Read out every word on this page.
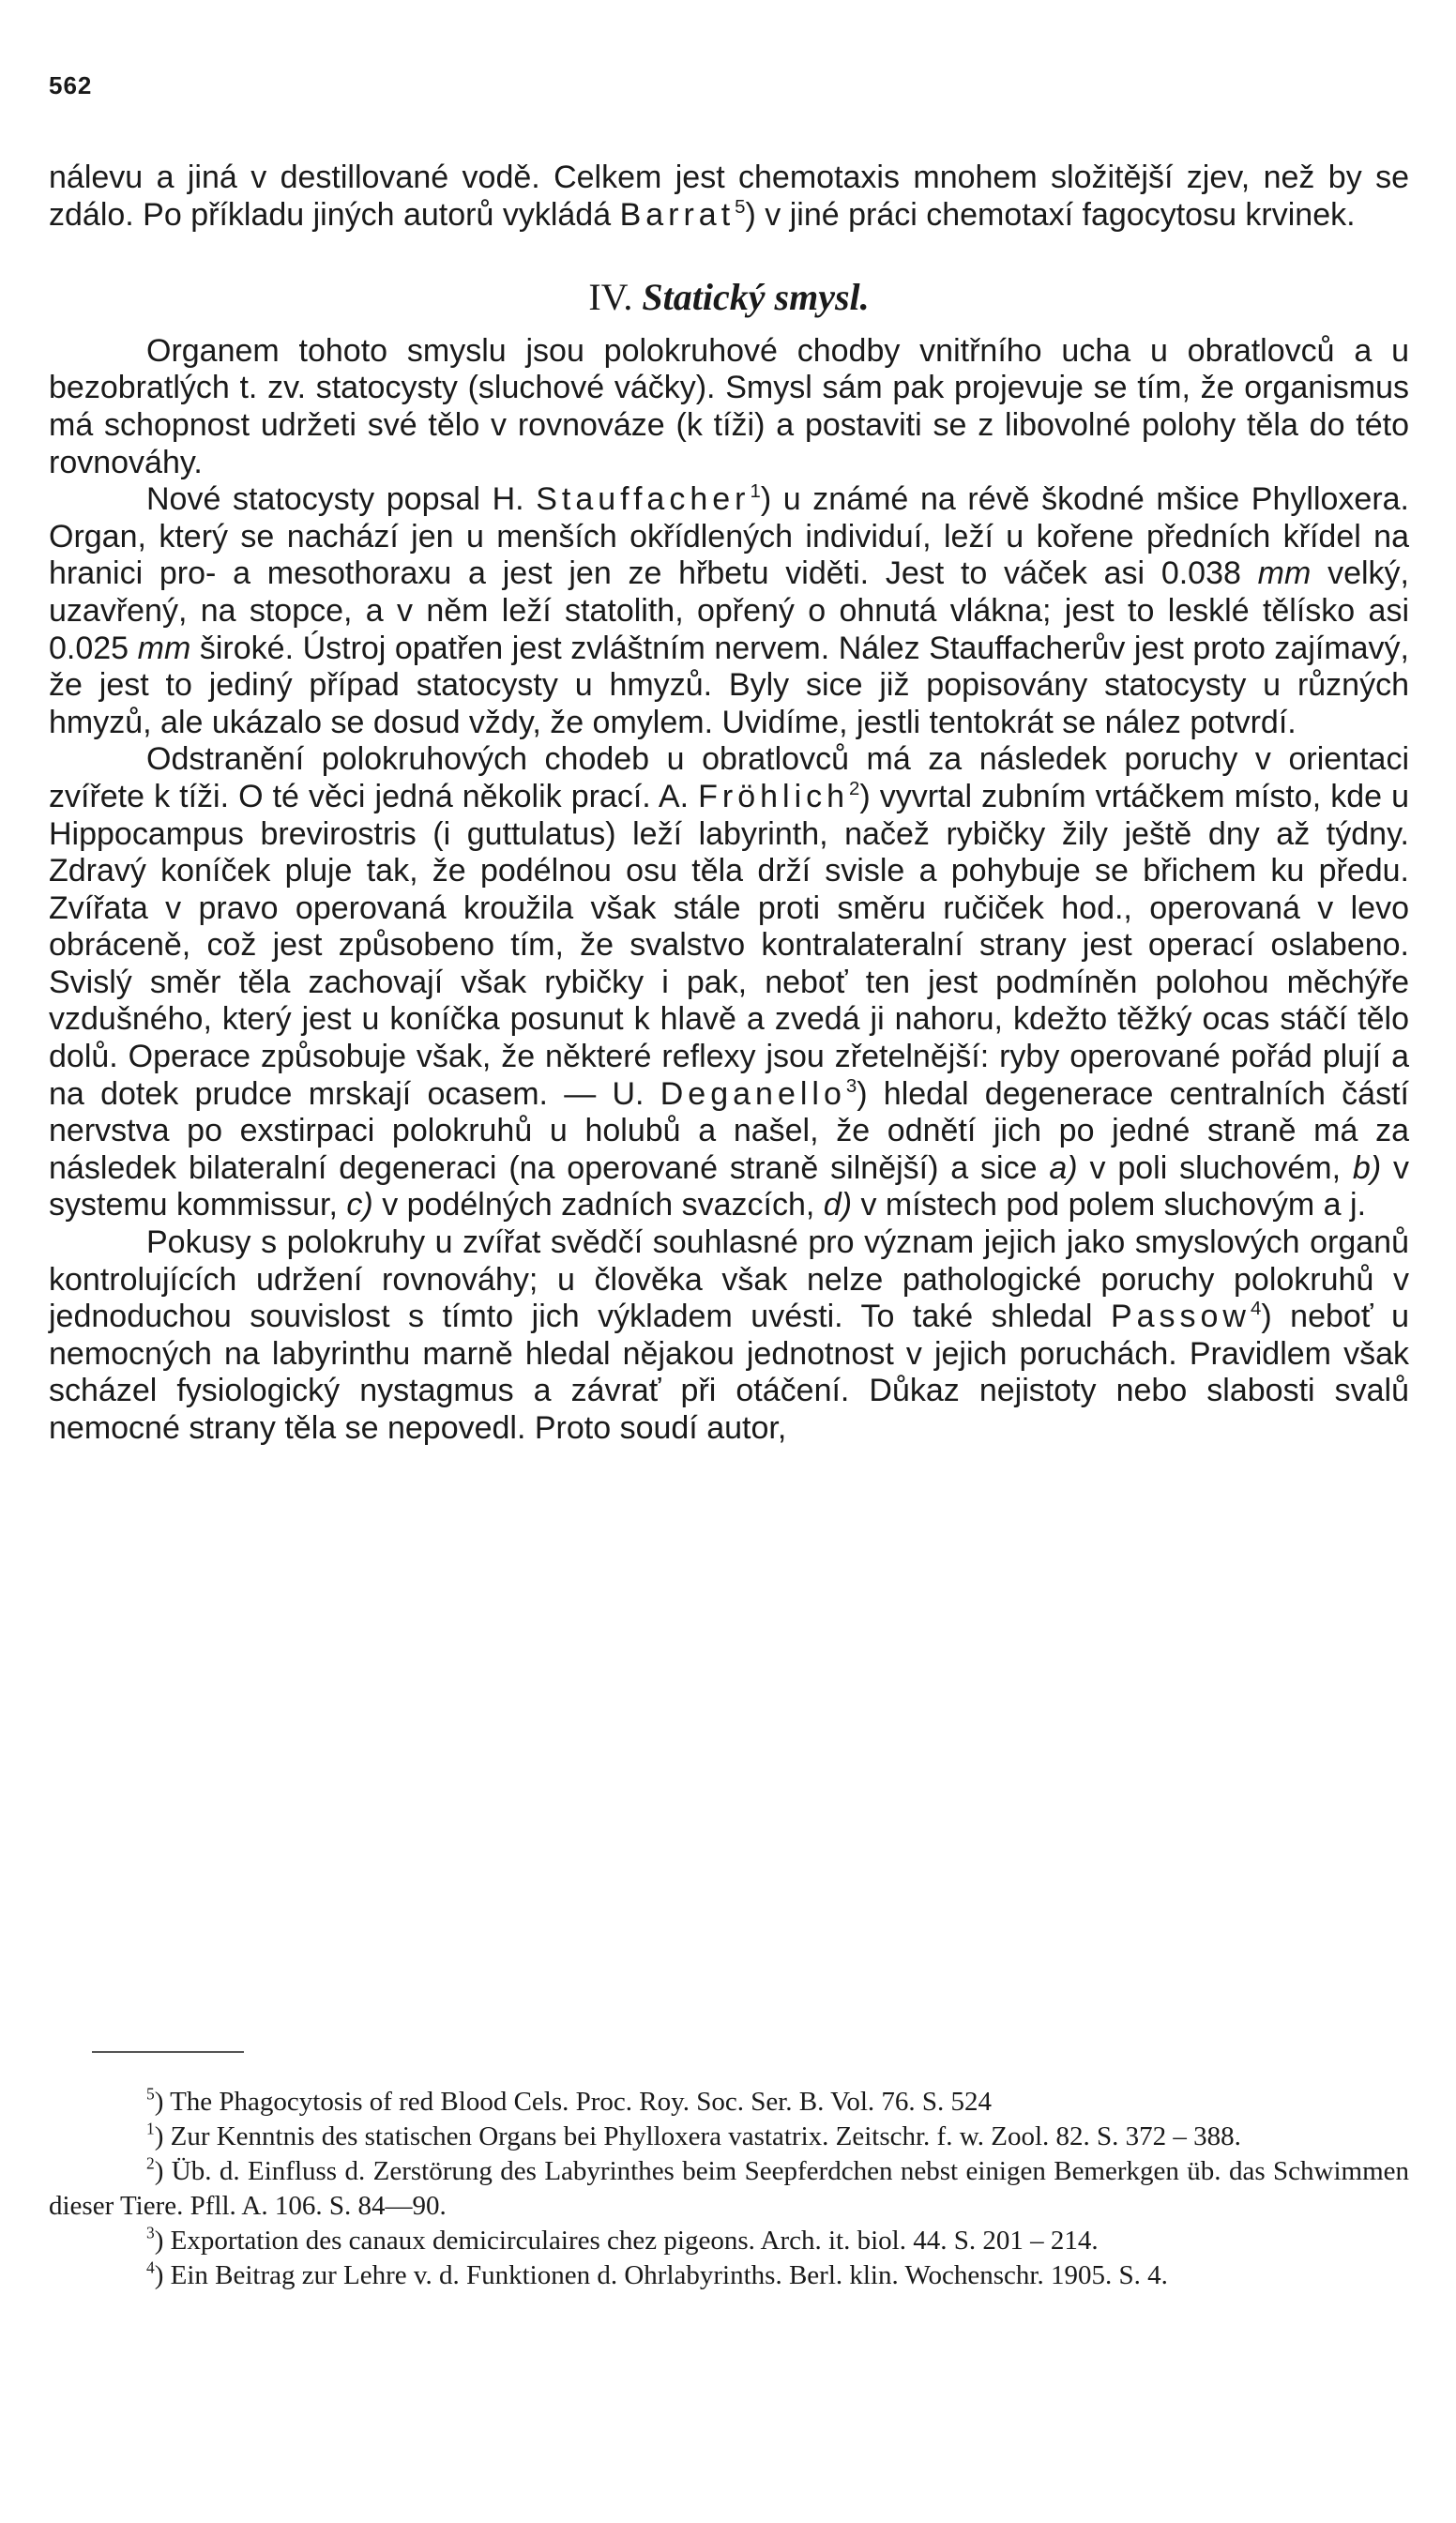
562

nálevu a jiná v destillované vodě. Celkem jest chemotaxis mnohem složitější zjev, než by se zdálo. Po příkladu jiných autorů vykládá Barrat$^5$) v jiné práci chemotaxí fagocytosu krvinek.

IV. Statický smysl.

Organem tohoto smyslu jsou polokruhové chodby vnitřního ucha u obratlovců a u bezobratlých t. zv. statocysty (sluchové váčky). Smysl sám pak projevuje se tím, že organismus má schopnost udržeti své tělo v rovnováze (k tíži) a postaviti se z libovolné polohy těla do této rovnováhy.

Nové statocysty popsal H. Stauffacher$^1$) u známé na révě škodné mšice Phylloxera. Organ, který se nachází jen u menších okřídlených individuí, leží u kořene předních křídel na hranici pro- a mesothoraxu a jest jen ze hřbetu viděti. Jest to váček asi 0.038 mm velký, uzavřený, na stopce, a v něm leží statolith, opřený o ohnutá vlákna; jest to lesklé tělísko asi 0.025 mm široké. Ústroj opatřen jest zvláštním nervem. Nález Stauffacherův jest proto zajímavý, že jest to jediný případ statocysty u hmyzů. Byly sice již popisovány statocysty u různých hmyzů, ale ukázalo se dosud vždy, že omylem. Uvidíme, jestli tentokrát se nález potvrdí.

Odstranění polokruhových chodeb u obratlovců má za následek poruchy v orientaci zvířete k tíži. O té věci jedná několik prací. A. Fröhlich$^2$) vyvrtal zubním vrtáčkem místo, kde u Hippocampus brevirostris (i guttulatus) leží labyrinth, načež rybičky žily ještě dny až týdny. Zdravý koníček pluje tak, že podélnou osu těla drží svisle a pohybuje se břichem ku předu. Zvířata v pravo operovaná kroužila však stále proti směru ručiček hod., operovaná v levo obráceně, což jest způsobeno tím, že svalstvo kontralateralní strany jest operací oslabeno. Svislý směr těla zachovají však rybičky i pak, neboť ten jest podmíněn polohou měchýře vzdušného, který jest u koníčka posunut k hlavě a zvedá ji nahoru, kdežto těžký ocas stáčí tělo dolů. Operace způsobuje však, že některé reflexy jsou zřetelnější: ryby operované pořád plují a na dotek prudce mrskají ocasem. — U. Deganello$^3$) hledal degenerace centralních částí nervstva po exstirpaci polokruhů u holubů a našel, že odnětí jich po jedné straně má za následek bilateralní degeneraci (na operované straně silnější) a sice a) v poli sluchovém, b) v systemu kommissur, c) v podélných zadních svazcích, d) v místech pod polem sluchovým a j.

Pokusy s polokruhy u zvířat svědčí souhlasné pro význam jejich jako smyslových organů kontrolujících udržení rovnováhy; u člověka však nelze pathologické poruchy polokruhů v jednoduchou souvislost s tímto jich výkladem uvésti. To také shledal Passow$^4$) neboť u nemocných na labyrinthu marně hledal nějakou jednotnost v jejich poruchách. Pravidlem však scházel fysiologický nystagmus a závrať při otáčení. Důkaz nejistoty nebo slabosti svalů nemocné strany těla se nepovedl. Proto soudí autor,

$^5$) The Phagocytosis of red Blood Cels. Proc. Roy. Soc. Ser. B. Vol. 76. S. 524

$^1$) Zur Kenntnis des statischen Organs bei Phylloxera vastatrix. Zeitschr. f. w. Zool. 82. S. 372 – 388.

$^2$) Üb. d. Einfluss d. Zerstörung des Labyrinthes beim Seepferdchen nebst einigen Bemerkgen üb. das Schwimmen dieser Tiere. Pfll. A. 106. S. 84—90.

$^3$) Exportation des canaux demicirculaires chez pigeons. Arch. it. biol. 44. S. 201 – 214.

$^4$) Ein Beitrag zur Lehre v. d. Funktionen d. Ohrlabyrinths. Berl. klin. Wochenschr. 1905. S. 4.
